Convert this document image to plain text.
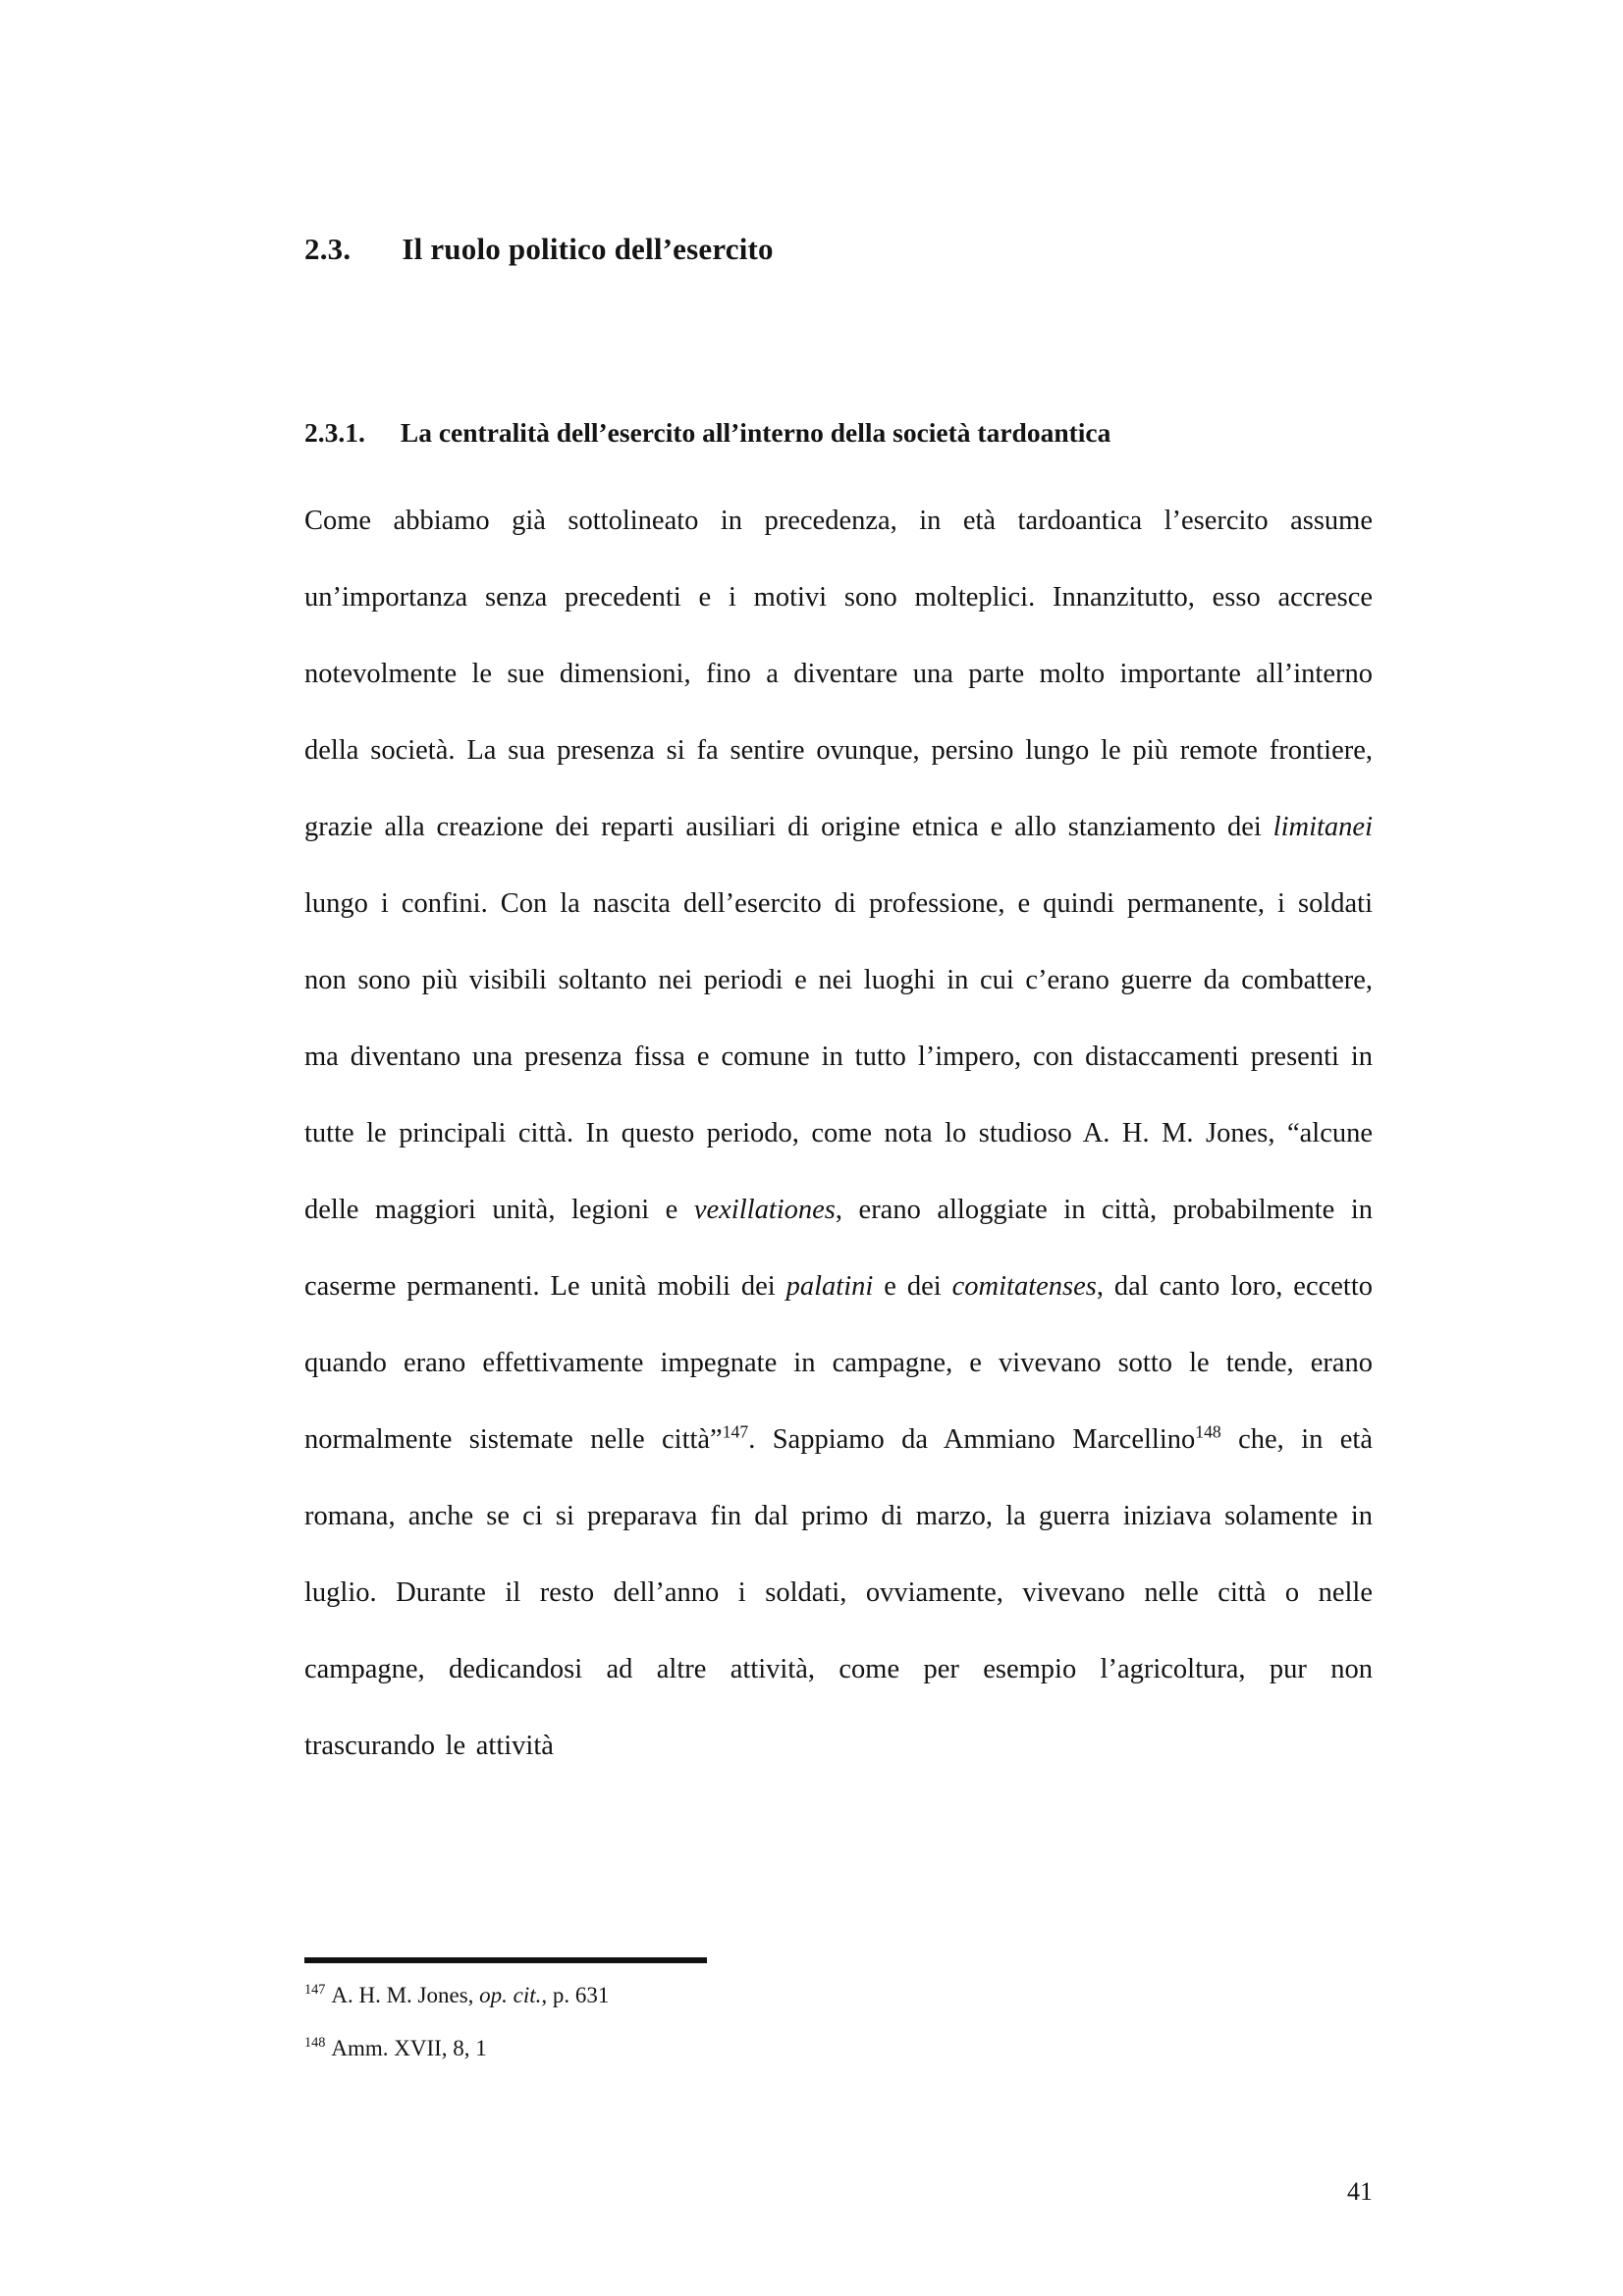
2.3. Il ruolo politico dell’esercito
2.3.1. La centralità dell’esercito all’interno della società tardoantica

Come abbiamo già sottolineato in precedenza, in età tardoantica l’esercito assume un’importanza senza precedenti e i motivi sono molteplici. Innanzitutto, esso accresce notevolmente le sue dimensioni, fino a diventare una parte molto importante all’interno della società. La sua presenza si fa sentire ovunque, persino lungo le più remote frontiere, grazie alla creazione dei reparti ausiliari di origine etnica e allo stanziamento dei limitanei lungo i confini. Con la nascita dell’esercito di professione, e quindi permanente, i soldati non sono più visibili soltanto nei periodi e nei luoghi in cui c’erano guerre da combattere, ma diventano una presenza fissa e comune in tutto l’impero, con distaccamenti presenti in tutte le principali città. In questo periodo, come nota lo studioso A. H. M. Jones, “alcune delle maggiori unità, legioni e vexillationes, erano alloggiate in città, probabilmente in caserme permanenti. Le unità mobili dei palatini e dei comitatenses, dal canto loro, eccetto quando erano effettivamente impegnate in campagne, e vivevano sotto le tende, erano normalmente sistemate nelle città”$^{147}$. Sappiamo da Ammiano Marcellino$^{148}$ che, in età romana, anche se ci si preparava fin dal primo di marzo, la guerra iniziava solamente in luglio. Durante il resto dell’anno i soldati, ovviamente, vivevano nelle città o nelle campagne, dedicandosi ad altre attività, come per esempio l’agricoltura, pur non trascurando le attività

$^{147}$ A. H. M. Jones, op. cit., p. 631
$^{148}$ Amm. XVII, 8, 1
41
